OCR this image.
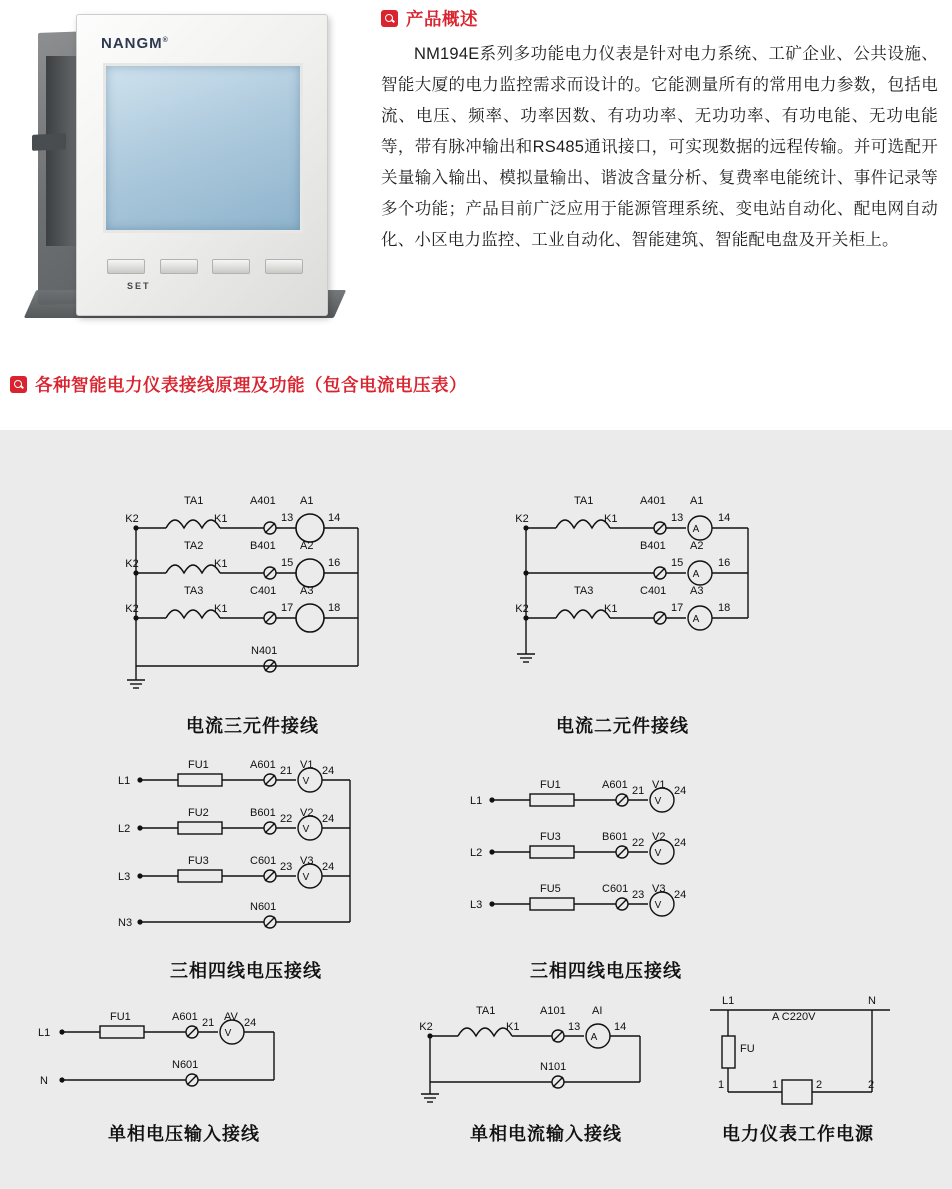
NANGM®
SET
产品概述
NM194E系列多功能电力仪表是针对电力系统、工矿企业、公共设施、智能大厦的电力监控需求而设计的。它能测量所有的常用电力参数，包括电流、电压、频率、功率因数、有功功率、无功功率、有功电能、无功电能等，带有脉冲输出和RS485通讯接口，可实现数据的远程传输。并可选配开关量输入输出、模拟量输出、谐波含量分析、复费率电能统计、事件记录等多个功能；产品目前广泛应用于能源管理系统、变电站自动化、配电网自动化、小区电力监控、工业自动化、智能建筑、智能配电盘及开关柜上。
各种智能电力仪表接线原理及功能（包含电流电压表）
TA1	A401 A1
K2	K1	13	14
TA2	B401 A2
K2	K1	15	16
TA3	C401 A3
K2	K1	17	18
N401
电流三元件接线
TA1	A401 A1
K2	K1	13	14
A
B401 A2
15	16
A
TA3	C401 A3
K2	K1	17	18
A
电流二元件接线
L1
FU1	A601 V1
21	24
V
L2
FU2	B601 V2
22	24
V
L3
FU3	C601 V3
23	24
V
N3
N601
三相四线电压接线
L1
FU1	A601 V1
21	24
V
L2
FU3	B601 V2
22	24
V
L3
FU5	C601 V3
23	24
V
三相四线电压接线
L1
FU1	A601 AV
21	24
V
N
N601
单相电压输入接线
TA1	A101 AI
K2	K1	13	14
A
N101
单相电流输入接线
L1	N
A C220V
FU
1	1	2	2
电力仪表工作电源
